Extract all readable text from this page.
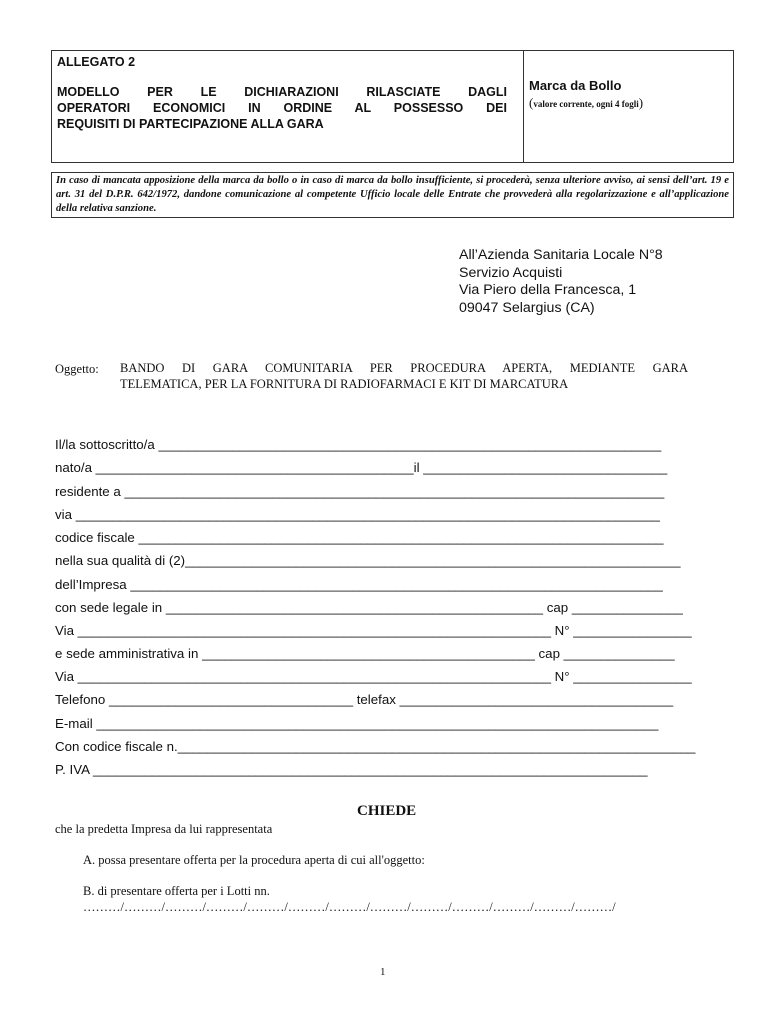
ALLEGATO 2
MODELLO PER LE DICHIARAZIONI RILASCIATE DAGLI
OPERATORI ECONOMICI IN ORDINE AL POSSESSO DEI
REQUISITI DI PARTECIPAZIONE ALLA GARA
Marca da Bollo
(valore corrente, ogni 4 fogli)
In caso di mancata apposizione della marca da bollo o in caso di marca da bollo insufficiente, si procederà, senza ulteriore avviso, ai sensi dell’art. 19 e art. 31 del D.P.R. 642/1972, dandone comunicazione al competente Ufficio locale delle Entrate che provvederà alla regolarizzazione e all’applicazione della relativa sanzione.
All’Azienda Sanitaria Locale N°8
Servizio Acquisti
Via Piero della Francesca, 1
09047 Selargius (CA)
Oggetto: BANDO DI GARA COMUNITARIA PER PROCEDURA APERTA, MEDIANTE GARA
TELEMATICA, PER LA FORNITURA DI RADIOFARMACI E KIT DI MARCATURA
Il/la sottoscritto/a ____________________________________________________________________
nato/a ___________________________________________il _________________________________
residente a _________________________________________________________________________
via _______________________________________________________________________________
codice fiscale _______________________________________________________________________
nella sua qualità di (2)___________________________________________________________________
dell’Impresa ________________________________________________________________________
con sede legale in ___________________________________________________ cap _______________
Via ________________________________________________________________ N° ________________
e sede amministrativa in _____________________________________________ cap _______________
Via ________________________________________________________________ N° ________________
Telefono _________________________________ telefax _____________________________________
E-mail ____________________________________________________________________________
Con codice fiscale n.______________________________________________________________________
P. IVA ___________________________________________________________________________
CHIEDE
che la predetta Impresa da lui rappresentata
A. possa presentare offerta per la procedura aperta di cui all'oggetto:
B. di presentare offerta per i Lotti nn.
………/………/………/………/………/………/………/………/………/………/………/………/………/
1
